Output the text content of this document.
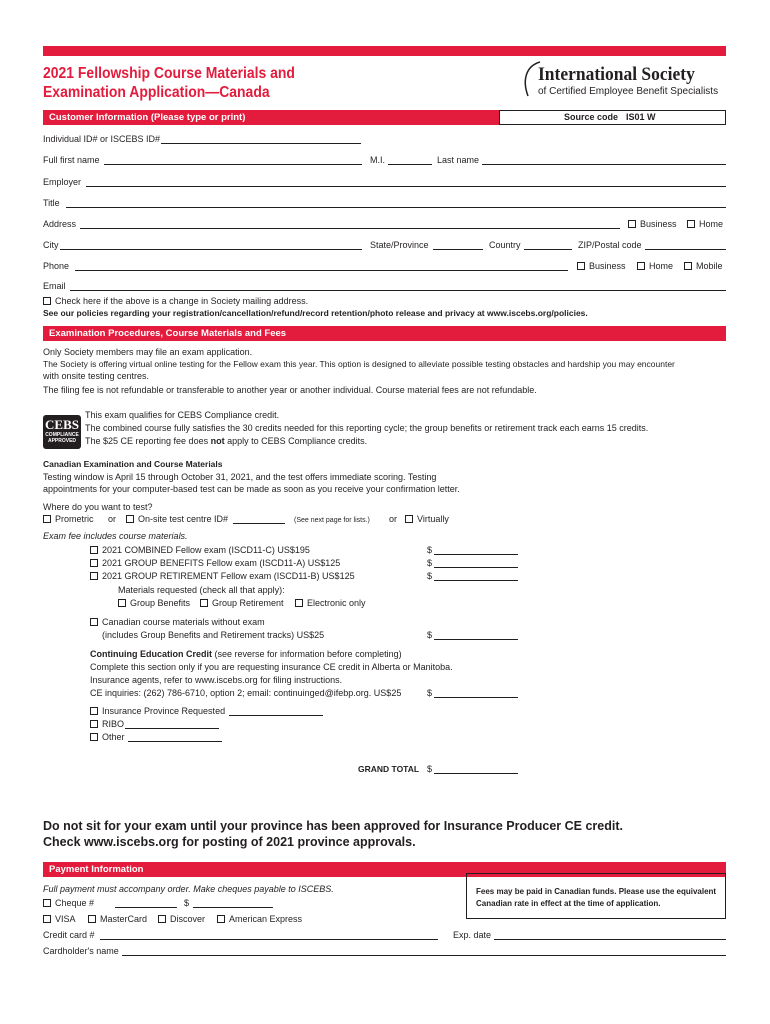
2021 Fellowship Course Materials and
Examination Application—Canada
International Society
of Certified Employee Benefit Specialists
Customer Information (Please type or print)	Source code IS01 W
Individual ID# or ISCEBS ID#
Full first name	M.I.	Last name
Employer
Title
Address	Business	Home
City	State/Province	Country	ZIP/Postal code
Phone	Business	Home	Mobile
Email
Check here if the above is a change in Society mailing address.
See our policies regarding your registration/cancellation/refund/record retention/photo release and privacy at www.iscebs.org/policies.
Examination Procedures, Course Materials and Fees
Only Society members may file an exam application.
The Society is offering virtual online testing for the Fellow exam this year. This option is designed to alleviate possible testing obstacles and hardship you may encounter
with onsite testing centres.
The filing fee is not refundable or transferable to another year or another individual. Course material fees are not refundable.
CEBS
COMPLIANCE
APPROVED
This exam qualifies for CEBS Compliance credit.
The combined course fully satisfies the 30 credits needed for this reporting cycle; the group benefits or retirement track each earns 15 credits.
The $25 CE reporting fee does not apply to CEBS Compliance credits.
Canadian Examination and Course Materials
Testing window is April 15 through October 31, 2021, and the test offers immediate scoring. Testing
appointments for your computer-based test can be made as soon as you receive your confirmation letter.
Where do you want to test?
Prometric or	On-site test centre ID#	(See next page for lists.) or	Virtually
Exam fee includes course materials.
2021 COMBINED Fellow exam (ISCD11-C) US$195	$
2021 GROUP BENEFITS Fellow exam (ISCD11-A) US$125	$
2021 GROUP RETIREMENT Fellow exam (ISCD11-B) US$125	$
Materials requested (check all that apply):
Group Benefits	Group Retirement	Electronic only
Canadian course materials without exam
(includes Group Benefits and Retirement tracks) US$25	$
Continuing Education Credit (see reverse for information before completing)
Complete this section only if you are requesting insurance CE credit in Alberta or Manitoba.
Insurance agents, refer to www.iscebs.org for filing instructions.
CE inquiries: (262) 786-6710, option 2; email: continuinged@ifebp.org. US$25	$
Insurance Province Requested
RIBO
Other
GRAND TOTAL $
Do not sit for your exam until your province has been approved for Insurance Producer CE credit.
Check www.iscebs.org for posting of 2021 province approvals.
Payment Information
Full payment must accompany order. Make cheques payable to ISCEBS.
Cheque #	$
Fees may be paid in Canadian funds. Please use the equivalent
Canadian rate in effect at the time of application.
VISA	MasterCard	Discover	American Express
Credit card #	Exp. date
Cardholder's name
